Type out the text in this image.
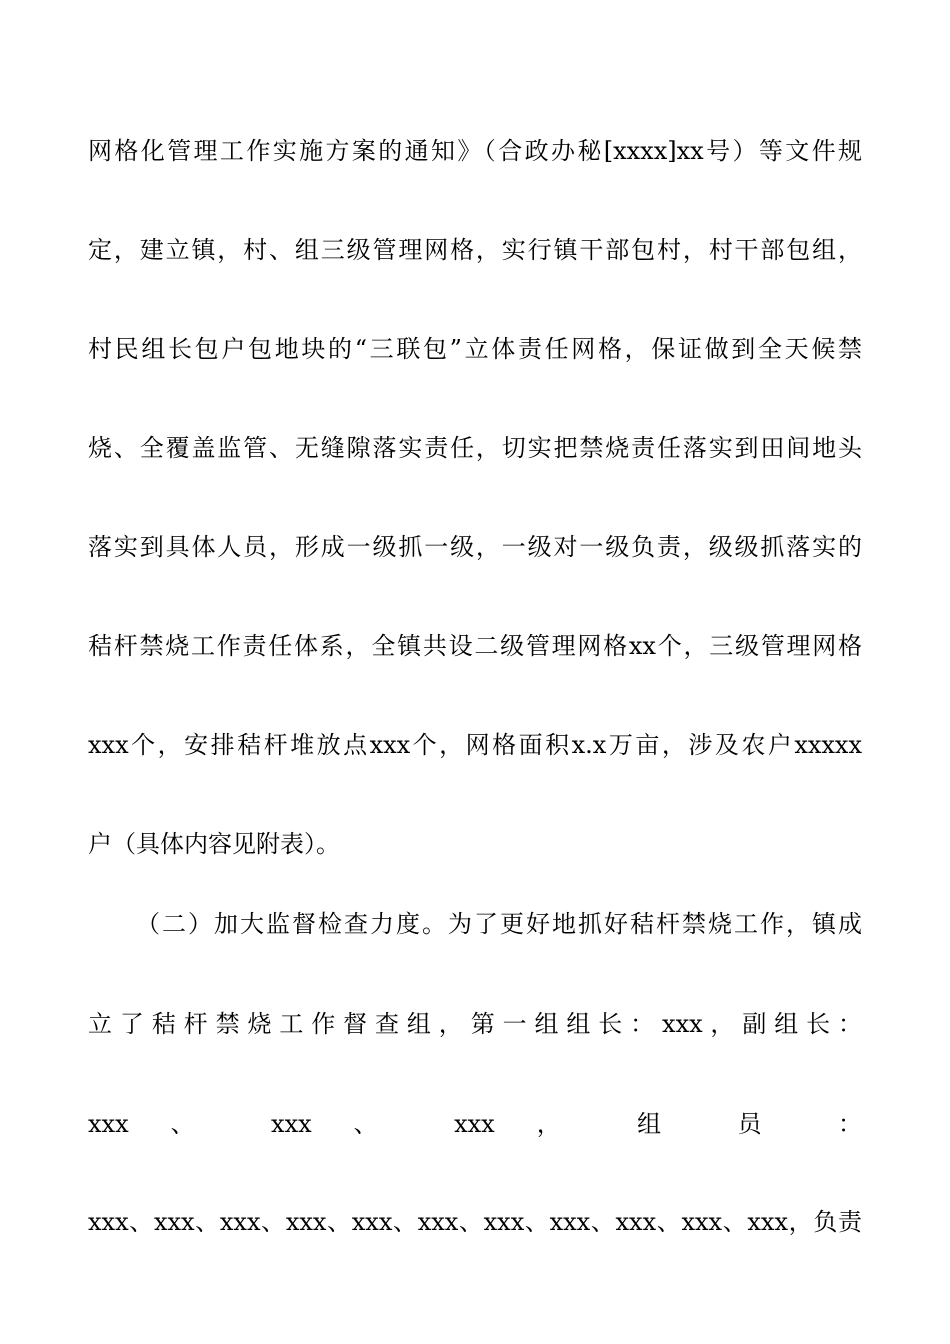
网格化管理工作实施方案的通知》（合政办秘[xxxx]xx号）等文件规
定，建立镇，村、组三级管理网格，实行镇干部包村，村干部包组，
村民组长包户包地块的“三联包”立体责任网格，保证做到全天候禁
烧、全覆盖监管、无缝隙落实责任，切实把禁烧责任落实到田间地头
落实到具体人员，形成一级抓一级，一级对一级负责，级级抓落实的
秸杆禁烧工作责任体系，全镇共设二级管理网格xx个，三级管理网格
xxx个，安排秸杆堆放点xxx个，网格面积x.x万亩，涉及农户xxxxx
户（具体内容见附表）。
（二）加大监督检查力度。为了更好地抓好秸杆禁烧工作，镇成
立 了 秸 杆 禁 烧 工 作 督 查 组 ， 第 一 组 组 长 ： xxx ， 副 组 长 ：
xxx 、 xxx 、 xxx ， 组 员 ：
xxx、xxx、xxx、xxx、xxx、xxx、xxx、xxx、xxx、xxx、xxx，负责
